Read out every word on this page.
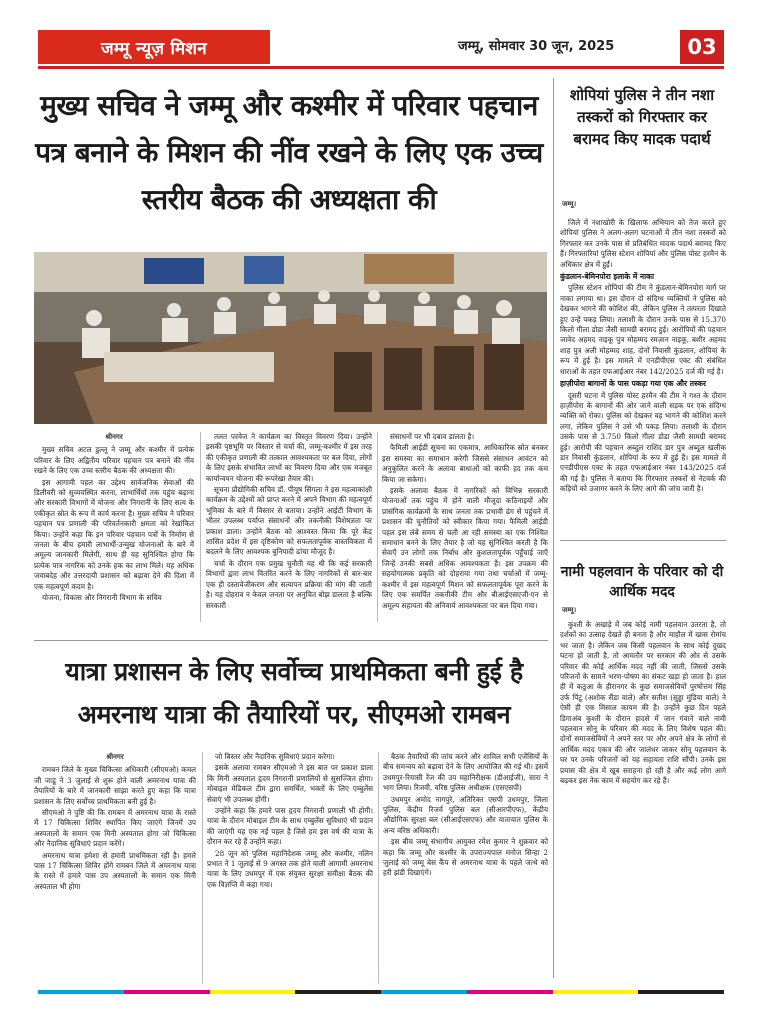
जम्मू न्यूज़ मिशन	जम्मू, सोमवार 30 जून, 2025	03
मुख्य सचिव ने जम्मू और कश्मीर में परिवार पहचान पत्र बनाने के मिशन की नींव रखने के लिए एक उच्च स्तरीय बैठक की अध्यक्षता की
श्रीनगर

मुख्य सचिव अटल डुल्लू ने जम्मू और कश्मीर में प्रत्येक परिवार के लिए अद्वितीय परिवार पहचान पत्र बनाने की नींव रखने के लिए एक उच्च स्तरीय बैठक की अध्यक्षता की।

इस आगामी पहल का उद्देश्य सार्वजनिक सेवाओं की डिलीवरी को सुव्यवस्थित करना, लाभार्थियों तक पहुंच बढ़ाना और सरकारी विभागों में योजना और निगरानी के लिए सत्य के एकीकृत स्रोत के रूप में कार्य करना है। मुख्य सचिव ने परिवार पहचान पत्र प्रणाली की परिवर्तनकारी क्षमता को रेखांकित किया। उन्होंने कहा कि इन परिवार पहचान पत्रों के निर्माण से जनता के बीच हमारी लाभार्थी-उन्मुख योजनाओं के बारे में अमूल्य जानकारी मिलेगी, साथ ही यह सुनिश्चित होगा कि प्रत्येक पात्र नागरिक को उनके हक का लाभ मिले। यह अधिक जवाबदेह और उत्तरदायी प्रशासन को बढ़ावा देने की दिशा में एक महत्वपूर्ण कदम है।

योजना, विकास और निगरानी विभाग के सचिव

तलत परवेज ने कार्यक्रम का विस्तृत विवरण दिया। उन्होंने इसकी पृष्ठभूमि पर विस्तार से चर्चा की, जम्मू-कश्मीर में इस तरह की एकीकृत प्रणाली की तत्काल आवश्यकता पर बल दिया, लोगों के लिए इसके संभावित लाभों का विवरण दिया और एक मजबूत कार्यान्वयन योजना की रूपरेखा तैयार की।

सूचना प्रौद्योगिकी सचिव डॉ. पीयूष सिंगला ने इस महत्वाकांक्षी कार्यक्रम के उद्देश्यों को प्राप्त करने में अपने विभाग की महत्वपूर्ण भूमिका के बारे में विस्तार से बताया। उन्होंने आईटी विभाग के भीतर उपलब्ध पर्याप्त संसाधनों और तकनीकी विशेषज्ञता पर प्रकाश डाला। उन्होंने बैठक को आश्वस्त किया कि पूरे केंद्र शासित प्रदेश में इस दृष्टिकोण को सफलतापूर्वक वास्तविकता में बदलने के लिए आवश्यक बुनियादी ढांचा मौजूद है।

चर्चा के दौरान एक प्रमुख चुनौती यह थी कि कई सरकारी विभागों द्वारा लाभ वितरित करने के लिए नागरिकों से बार-बार एक ही दस्तावेजीकरण और सत्यापन प्रक्रिया की मांग की जाती है। यह दोहराव न केवल जनता पर अनुचित बोझ डालता है बल्कि सरकारी

संसाधनों पर भी दबाव डालता है।

फैमिली आईडी सूचना का एकमात्र, आधिकारिक स्रोत बनकर इस समस्या का समाधान करेगी जिससे संसाधन आवंटन को अनुकूलित करने के अलावा बाधाओं को काफी हद तक कम किया जा सकेगा।

इसके अलावा बैठक में नागरिकों को विभिन्न सरकारी योजनाओं तक पहुंच में होने वाली मौजूदा कठिनाइयों और प्रासंगिक कार्यक्रमों के साथ जनता तक प्रभावी ढंग से पहुंचने में प्रशासन की चुनौतियों को स्वीकार किया गया। फैमिली आईडी पहल इस लंबे समय से चली आ रही समस्या का एक निश्चित समाधान बनने के लिए तैयार है जो यह सुनिश्चित करती है कि सेवाएँ उन लोगों तक निर्बाध और कुशलतापूर्वक पहुँचाई जाएँ जिन्हें उनकी सबसे अधिक आवश्यकता है। इस उपक्रम की सहयोगात्मक प्रकृति को दोहराया गया तथा चर्चाओं में जम्मू-कश्मीर में इस महत्वपूर्ण मिशन को सफलतापूर्वक पूरा करने के लिए एक समर्पित तकनीकी टीम और बीआईएसएजी-एन से अमूल्य सहायता की अनिवार्य आवश्यकता पर बल दिया गया।

शोपियां पुलिस ने तीन नशा तस्करों को गिरफ्तार कर बरामद किए मादक पदार्थ
जम्मू।

जिले में नशाखोरी के खिलाफ अभियान को तेज करते हुए शोपियां पुलिस ने अलग-अलग घटनाओं में तीन नशा तस्करों को गिरफ्तार कर उनके पास से प्रतिबंधित मादक पदार्थ बरामद किए हैं। गिरफ्तारियां पुलिस स्टेशन शोपियां और पुलिस पोस्ट हरमैन के अधिकार क्षेत्र में हुईं।

कुंडलान-बेमिनपोरा इलाके में नाका

पुलिस स्टेशन शोपियां की टीम ने कुंडलान-बेमिनपोरा मार्ग पर नाका लगाया था। इस दौरान दो संदिग्ध व्यक्तियों ने पुलिस को देखकर भागने की कोशिश की, लेकिन पुलिस ने तत्परता दिखाते हुए उन्हें पकड़ लिया। तलाशी के दौरान उनके पास से 15.370 किलो गीला डोडा जैसी सामग्री बरामद हुई। आरोपियों की पहचान जावेद अहमद नाइकू पुत्र मोहम्मद रमज़ान नाइकू, बशीर अहमद शाह पुत्र अली मोहम्मद शाह, दोनों निवासी कुंडलान, शोपियां के रूप में हुई है। इस मामले में एनडीपीएस एक्ट की संबंधित धाराओं के तहत एफआईआर नंबर 142/2025 दर्ज की गई है।

हाज़ीपोरा बागानों के पास पकड़ा गया एक और तस्कर

दूसरी घटना में पुलिस पोस्ट हरमैन की टीम ने गश्त के दौरान हाज़ीपोरा के बागानों की ओर जाने वाली सड़क पर एक संदिग्ध व्यक्ति को रोका। पुलिस को देखकर वह भागने की कोशिश करने लगा, लेकिन पुलिस ने उसे भी पकड़ लिया। तलाशी के दौरान उसके पास से 3.750 किलो गीला डोडा जैसी सामग्री बरामद हुई। आरोपी की पहचान अब्दुल राशिद डार पुत्र अब्दुल खलीक डार निवासी कुंडलान, शोपियां के रूप में हुई है। इस मामले में एनडीपीएस एक्ट के तहत एफआईआर नंबर 143/2025 दर्ज की गई है। पुलिस ने बताया कि गिरफ्तार तस्करों से नेटवर्क की कड़ियों को उजागर करने के लिए आगे की जांच जारी है।

नामी पहलवान के परिवार को दी आर्थिक मदद
जम्मू।

कुश्ती के अखाड़े में जब कोई नामी पहलवान उतरता है, तो दर्शकों का उत्साह देखते ही बनता है और माहौल में खास रोमांच भर जाता है। लेकिन जब किसी पहलवान के साथ कोई दुखद घटना हो जाती है, तो आमतौर पर सरकार की ओर से उसके परिवार की कोई आर्थिक मदद नहीं की जाती, जिससे उसके परिजनों के सामने भरण-पोषण का संकट खड़ा हो जाता है। हाल ही में कठुआ के हीरानगर के कुछ समाजसेवियों पुरषोत्तम सिंह उर्फ पिंटू (अशोक सैंडा वाले) और सतीश (सुड्डा मुंडिया वाले) ने ऐसी ही एक मिसाल कायम की है। उन्होंने कुछ दिन पहले डिगाअंब कुश्ती के दौरान हादसे में जान गंवाने वाले नामी पहलवान सोनू के परिवार की मदद के लिए विशेष पहल की। दोनों समाजसेवियों ने अपने स्तर पर और अपने क्षेत्र के लोगों से आर्थिक मदद एकत्र की और जालंधर जाकर सोनू पहलवान के घर पर उनके परिजनों को यह सहायता राशि सौंपी। उनके इस प्रयास की क्षेत्र में खूब सराहना हो रही है और कई लोग आगे बढ़कर इस नेक काम में सहयोग कर रहे हैं।

यात्रा प्रशासन के लिए सर्वोच्च प्राथमिकता बनी हुई है अमरनाथ यात्रा की तैयारियों पर, सीएमओ रामबन
श्रीनगर

रामबन जिले के मुख्य चिकित्सा अधिकारी (सीएमओ) कमल जी जाडू ने 3 जुलाई से शुरू होने वाली अमरनाथ यात्रा की तैयारियों के बारे में जानकारी साझा करते हुए कहा कि यात्रा प्रशासन के लिए सर्वोच्च प्राथमिकता बनी हुई है।

सीएमओ ने पुष्टि की कि रामबन में अमरनाथ यात्रा के रास्ते में 17 चिकित्सा शिविर स्थापित किए जाएंगे जिनमें उप अस्पतालों के समान एक मिनी अस्पताल होगा जो चिकित्सा और नैदानिक सुविधाएं प्रदान करेंगे।

अमरनाथ यात्रा हमेशा से हमारी प्राथमिकता रही है। हमारे पास 17 चिकित्सा शिविर होंगे रामबन जिले में अमरनाथ यात्रा के रास्ते में हमारे पास उप अस्पतालों के समान एक मिनी अस्पताल भी होगा

जो बिस्तर और नैदानिक सुविधाएं प्रदान करेगा।

इसके अलावा रामबन सीएमओ ने इस बात पर प्रकाश डाला कि मिनी अस्पताल हृदय निगरानी प्रणालियों से सुसज्जित होगा। मोबाइल मेडिकल टीम द्वारा समर्थित, भक्तों के लिए एम्बुलेंस सेवाएं भी उपलब्ध होंगी।

उन्होंने कहा कि हमारे पास हृदय निगरानी प्रणाली भी होगी। यात्रा के दौरान मोबाइल टीम के साथ एम्बुलेंस सुविधाएं भी प्रदान की जाएंगी यह एक नई पहल है जिसे हम इस वर्ष की यात्रा के दौरान कर रहे हैं उन्होंने कहा।

28 जून को पुलिस महानिदेशक जम्मू और कश्मीर, नलिन प्रभात ने 1 जुलाई से 9 अगस्त तक होने वाली आगामी अमरनाथ यात्रा के लिए उधमपुर में एक संयुक्त सुरक्षा समीक्षा बैठक की एक विज्ञप्ति में कहा गया।

बैठक तैयारियों की जांच करने और शामिल सभी एजेंसियों के बीच समन्वय को बढ़ावा देने के लिए आयोजित की गई थी। इसमें उधमपुर-रियासी रेंज की उप महानिरीक्षक (डीआईजी), सारा ने भाग लिया। रिजवी, वरिष्ठ पुलिस अधीक्षक (एसएसपी)

उधमपुर अमोद नागपुरे, अतिरिक्त एसपी उधमपुर, जिला पुलिस, केंद्रीय रिजर्व पुलिस बल (सीआरपीएफ), केंद्रीय औद्योगिक सुरक्षा बल (सीआईएसएफ) और यातायात पुलिस के अन्य वरिष्ठ अधिकारी।

इस बीच जम्मू संभागीय आयुक्त रमेश कुमार ने शुक्रवार को कहा कि जम्मू और कश्मीर के उपराज्यपाल मनोज सिन्हा 2 जुलाई को जम्मू बेस कैंप से अमरनाथ यात्रा के पहले जत्थे को हरी झंडी दिखाएंगे।
